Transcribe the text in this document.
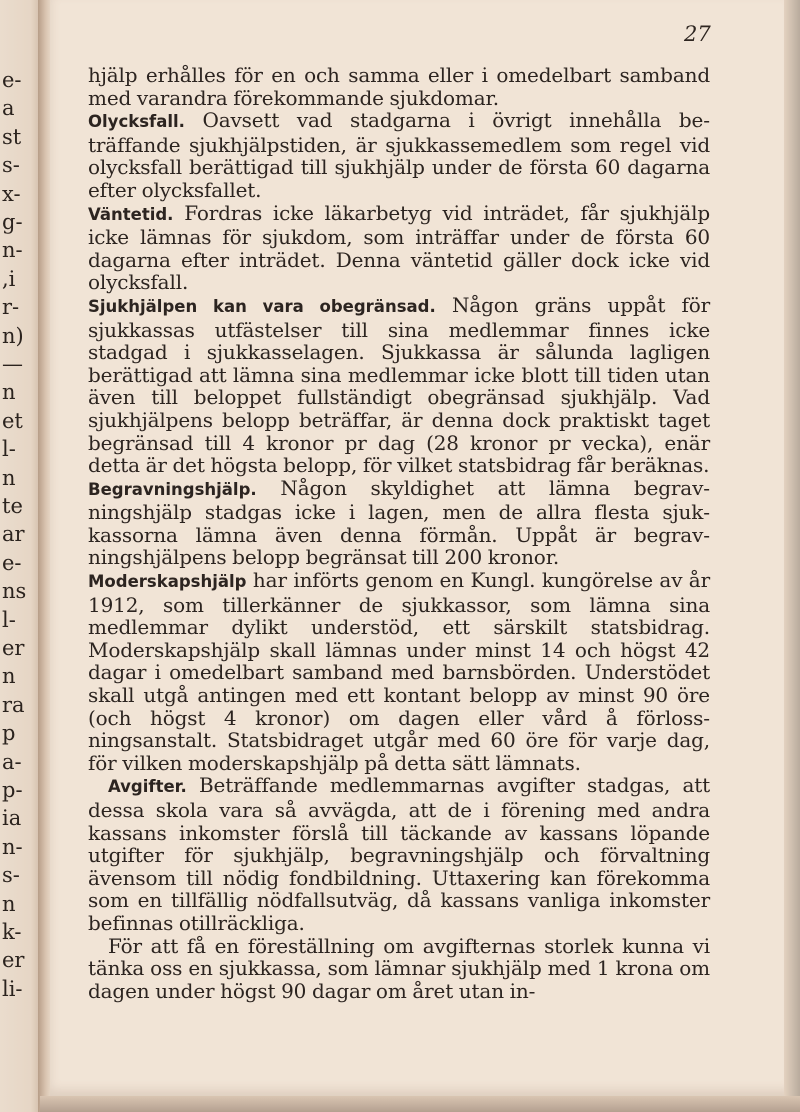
e-
a
st
s-
x-
g-
n-
,i
r-
n)
—
n
et
l-
n
te
ar
e-
ns
l-
er
n
ra
p
a-
p-
ia
n-
s-
n
k-
er
li-
27

hjälp erhålles för en och samma eller i omedelbart samband med varandra förekommande sjukdomar.

Olycksfall. Oavsett vad stadgarna i övrigt innehålla beträffande sjukhjälpstiden, är sjukkassemedlem som regel vid olycksfall berättigad till sjukhjälp under de första 60 dagarna efter olycksfallet.

Väntetid. Fordras icke läkarbetyg vid inträdet, får sjukhjälp icke lämnas för sjukdom, som inträffar under de första 60 dagarna efter inträdet. Denna väntetid gäller dock icke vid olycksfall.

Sjukhjälpen kan vara obegränsad. Någon gräns uppåt för sjukkassas utfästelser till sina medlemmar finnes icke stadgad i sjukkasselagen. Sjukkassa är sålunda lagligen berättigad att lämna sina medlemmar icke blott till tiden utan även till beloppet fullständigt obegränsad sjukhjälp. Vad sjukhjälpens belopp beträffar, är denna dock praktiskt taget begränsad till 4 kronor pr dag (28 kronor pr vecka), enär detta är det högsta belopp, för vilket statsbidrag får beräknas.

Begravningshjälp. Någon skyldighet att lämna begravningshjälp stadgas icke i lagen, men de allra flesta sjukkassorna lämna även denna förmån. Uppåt är begravningshjälpens belopp begränsat till 200 kronor.

Moderskapshjälp har införts genom en Kungl. kungörelse av år 1912, som tillerkänner de sjukkassor, som lämna sina medlemmar dylikt understöd, ett särskilt statsbidrag. Moderskapshjälp skall lämnas under minst 14 och högst 42 dagar i omedelbart samband med barnsbörden. Understödet skall utgå antingen med ett kontant belopp av minst 90 öre (och högst 4 kronor) om dagen eller vård å förlossningsanstalt. Statsbidraget utgår med 60 öre för varje dag, för vilken moderskapshjälp på detta sätt lämnats.

Avgifter. Beträffande medlemmarnas avgifter stadgas, att dessa skola vara så avvägda, att de i förening med andra kassans inkomster förslå till täckande av kassans löpande utgifter för sjukhjälp, begravningshjälp och förvaltning ävensom till nödig fondbildning. Uttaxering kan förekomma som en tillfällig nödfallsutväg, då kassans vanliga inkomster befinnas otillräckliga.

För att få en föreställning om avgifternas storlek kunna vi tänka oss en sjukkassa, som lämnar sjukhjälp med 1 krona om dagen under högst 90 dagar om året utan in-
